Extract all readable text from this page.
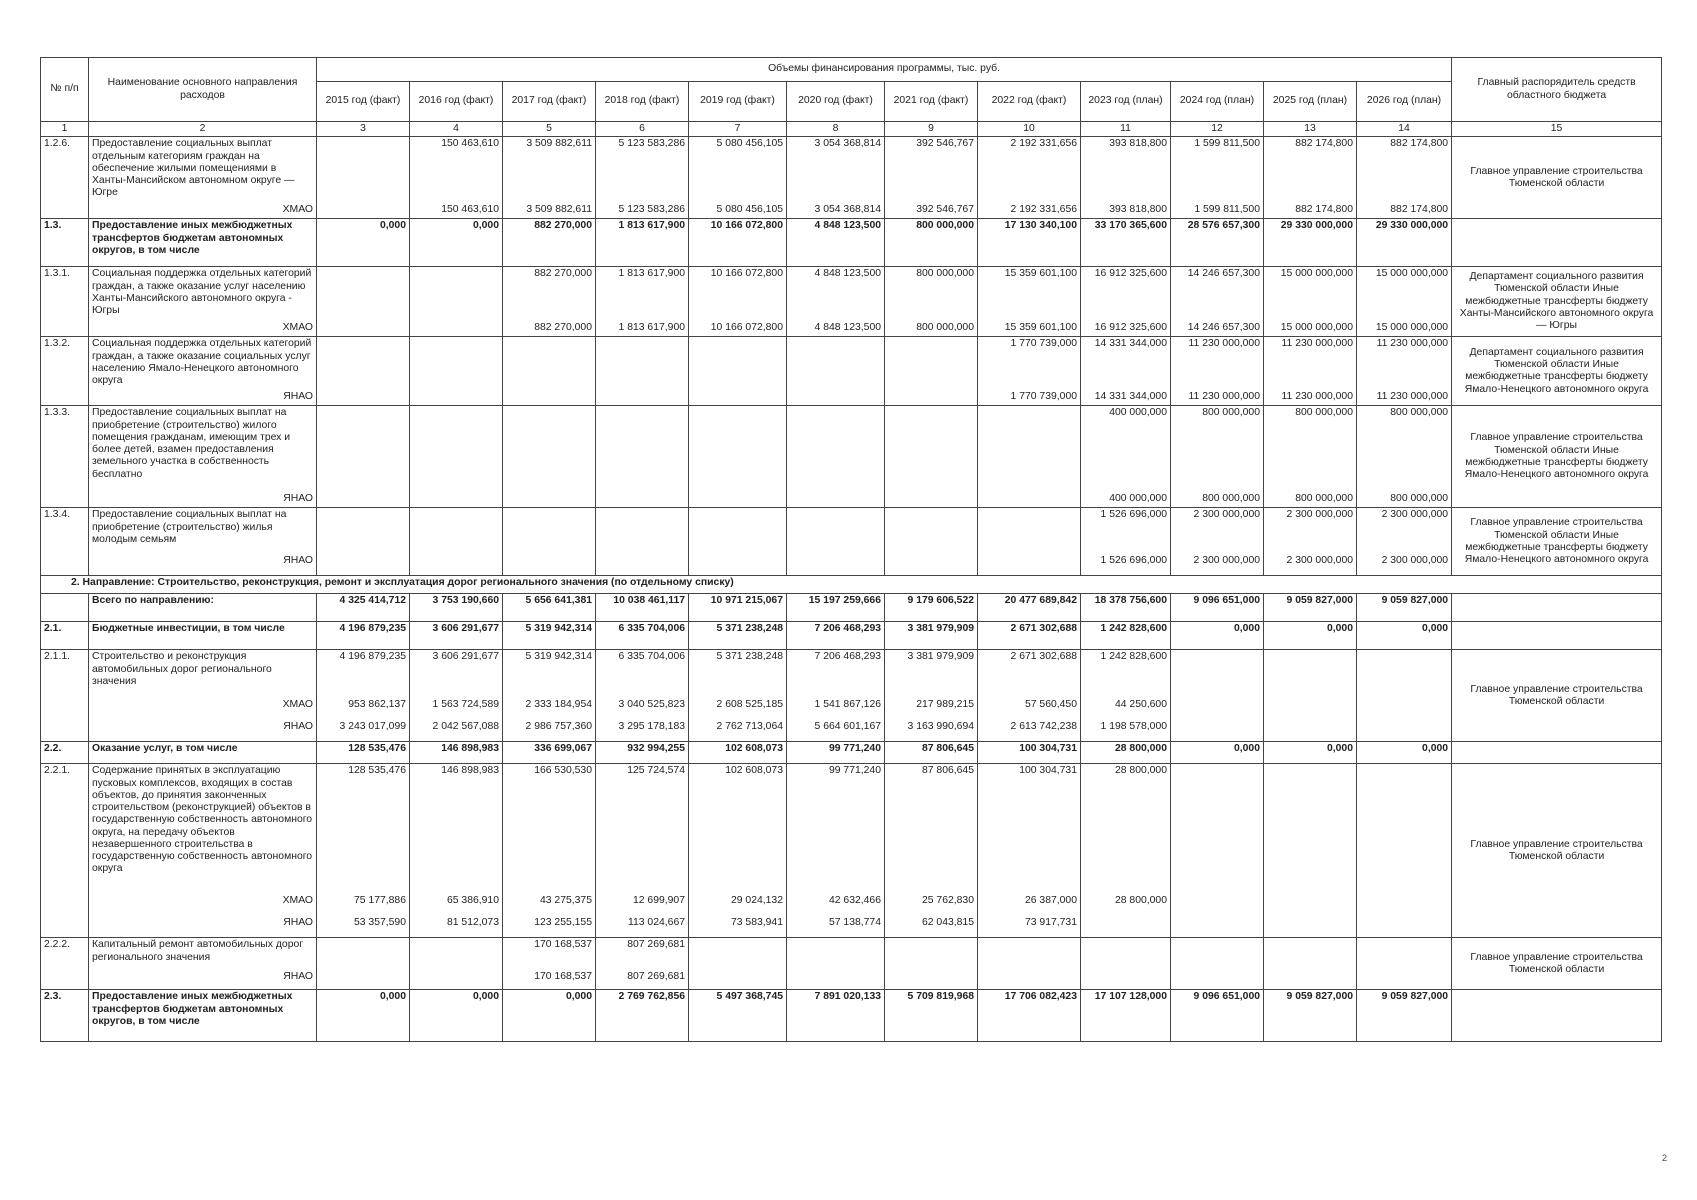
№ п/п	Наименование основного направления расходов	Объемы финансирования программы, тыс. руб.												Главный распорядитель средств областного бюджета
		2015 год (факт)	2016 год (факт)	2017 год (факт)	2018 год (факт)	2019 год (факт)	2020 год (факт)	2021 год (факт)	2022 год (факт)	2023 год (план)	2024 год (план)	2025 год (план)	2026 год (план)	
1	2	3	4	5	6	7	8	9	10	11	12	13	14	15
1.2.6.	Предоставление социальных выплат отдельным категориям граждан на обеспечение жилыми помещениями в Ханты-Мансийском автономном округе — Югре		150 463,610	3 509 882,611	5 123 583,286	5 080 456,105	3 054 368,814	392 546,767	2 192 331,656	393 818,800	1 599 811,500	882 174,800	882 174,800	Главное управление строительства Тюменской области
	ХМАО		150 463,610	3 509 882,611	5 123 583,286	5 080 456,105	3 054 368,814	392 546,767	2 192 331,656	393 818,800	1 599 811,500	882 174,800	882 174,800	
1.3.	Предоставление иных межбюджетных трансфертов бюджетам автономных округов, в том числе	0,000	0,000	882 270,000	1 813 617,900	10 166 072,800	4 848 123,500	800 000,000	17 130 340,100	33 170 365,600	28 576 657,300	29 330 000,000	29 330 000,000	
1.3.1.	Социальная поддержка отдельных категорий граждан, а также оказание услуг населению Ханты-Мансийского автономного округа - Югры			882 270,000	1 813 617,900	10 166 072,800	4 848 123,500	800 000,000	15 359 601,100	16 912 325,600	14 246 657,300	15 000 000,000	15 000 000,000	Департамент социального развития Тюменской области Иные межбюджетные трансферты бюджету Ханты-Мансийского автономного округа — Югры
	ХМАО			882 270,000	1 813 617,900	10 166 072,800	4 848 123,500	800 000,000	15 359 601,100	16 912 325,600	14 246 657,300	15 000 000,000	15 000 000,000	
1.3.2.	Социальная поддержка отдельных категорий граждан, а также оказание социальных услуг населению Ямало-Ненецкого автономного округа								1 770 739,000	14 331 344,000	11 230 000,000	11 230 000,000	11 230 000,000	Департамент социального развития Тюменской области Иные межбюджетные трансферты бюджету Ямало-Ненецкого автономного округа
	ЯНАО								1 770 739,000	14 331 344,000	11 230 000,000	11 230 000,000	11 230 000,000	
1.3.3.	Предоставление социальных выплат на приобретение (строительство) жилого помещения гражданам, имеющим трех и более детей, взамен предоставления земельного участка в собственность бесплатно									400 000,000	800 000,000	800 000,000	800 000,000	Главное управление строительства Тюменской области Иные межбюджетные трансферты бюджету Ямало-Ненецкого автономного округа
	ЯНАО									400 000,000	800 000,000	800 000,000	800 000,000	
1.3.4.	Предоставление социальных выплат на приобретение (строительство) жилья молодым семьям									1 526 696,000	2 300 000,000	2 300 000,000	2 300 000,000	Главное управление строительства Тюменской области Иные межбюджетные трансферты бюджету Ямало-Ненецкого автономного округа
	ЯНАО									1 526 696,000	2 300 000,000	2 300 000,000	2 300 000,000	
2. Направление: Строительство, реконструкция, ремонт и эксплуатация дорог регионального значения (по отдельному списку)														
	Всего по направлению:	4 325 414,712	3 753 190,660	5 656 641,381	10 038 461,117	10 971 215,067	15 197 259,666	9 179 606,522	20 477 689,842	18 378 756,600	9 096 651,000	9 059 827,000	9 059 827,000	
2.1.	Бюджетные инвестиции, в том числе	4 196 879,235	3 606 291,677	5 319 942,314	6 335 704,006	5 371 238,248	7 206 468,293	3 381 979,909	2 671 302,688	1 242 828,600	0,000	0,000	0,000	
2.1.1.	Строительство и реконструкция автомобильных дорог регионального значения	4 196 879,235	3 606 291,677	5 319 942,314	6 335 704,006	5 371 238,248	7 206 468,293	3 381 979,909	2 671 302,688	1 242 828,600				Главное управление строительства Тюменской области
	ХМАО	953 862,137	1 563 724,589	2 333 184,954	3 040 525,823	2 608 525,185	1 541 867,126	217 989,215	57 560,450	44 250,600				
	ЯНАО	3 243 017,099	2 042 567,088	2 986 757,360	3 295 178,183	2 762 713,064	5 664 601,167	3 163 990,694	2 613 742,238	1 198 578,000				
2.2.	Оказание услуг, в том числе	128 535,476	146 898,983	336 699,067	932 994,255	102 608,073	99 771,240	87 806,645	100 304,731	28 800,000	0,000	0,000	0,000	
2.2.1.	Содержание принятых в эксплуатацию пусковых комплексов, входящих в состав объектов, до принятия законченных строительством (реконструкцией) объектов в государственную собственность автономного округа, на передачу объектов незавершенного строительства в государственную собственность автономного округа	128 535,476	146 898,983	166 530,530	125 724,574	102 608,073	99 771,240	87 806,645	100 304,731	28 800,000				Главное управление строительства Тюменской области
	ХМАО	75 177,886	65 386,910	43 275,375	12 699,907	29 024,132	42 632,466	25 762,830	26 387,000	28 800,000				
	ЯНАО	53 357,590	81 512,073	123 255,155	113 024,667	73 583,941	57 138,774	62 043,815	73 917,731					
2.2.2.	Капитальный ремонт автомобильных дорог регионального значения			170 168,537	807 269,681									Главное управление строительства Тюменской области
	ЯНАО			170 168,537	807 269,681									
2.3.	Предоставление иных межбюджетных трансфертов бюджетам автономных округов, в том числе	0,000	0,000	0,000	2 769 762,856	5 497 368,745	7 891 020,133	5 709 819,968	17 706 082,423	17 107 128,000	9 096 651,000	9 059 827,000	9 059 827,000	
2
